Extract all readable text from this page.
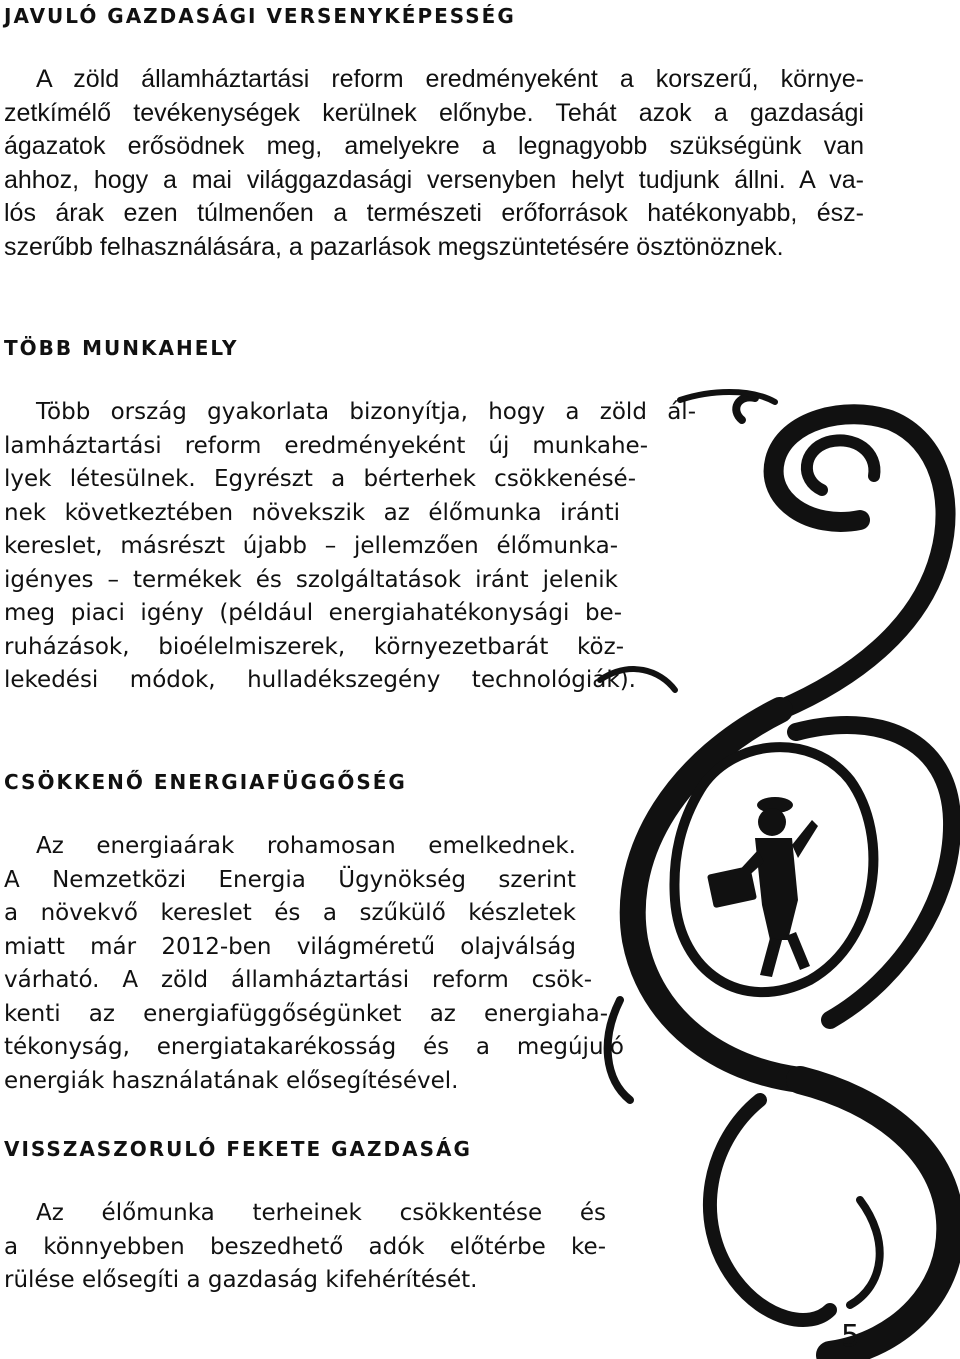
JAVULÓ GAZDASÁGI VERSENYKÉPESSÉG

A zöld államháztartási reform eredményeként a korszerű, környe-
zetkímélő tevékenységek kerülnek előnybe. Tehát azok a gazdasági
ágazatok erősödnek meg, amelyekre a legnagyobb szükségünk van
ahhoz, hogy a mai világgazdasági versenyben helyt tudjunk állni. A va-
lós árak ezen túlmenően a természeti erőforrások hatékonyabb, ész-
szerűbb felhasználására, a pazarlások megszüntetésére ösztönöznek.

TÖBB MUNKAHELY

Több ország gyakorlata bizonyítja, hogy a zöld ál-
lamháztartási reform eredményeként új munkahe-
lyek létesülnek. Egyrészt a bérterhek csökkenésé-
nek következtében növekszik az élőmunka iránti
kereslet, másrészt újabb – jellemzően élőmunka-
igényes – termékek és szolgáltatások iránt jelenik
meg piaci igény (például energiahatékonysági be-
ruházások, bioélelmiszerek, környezetbarát köz-
lekedési módok, hulladékszegény technológiák).

CSÖKKENŐ ENERGIAFÜGGŐSÉG

Az energiaárak rohamosan emelkednek.
A Nemzetközi Energia Ügynökség szerint
a növekvő kereslet és a szűkülő készletek
miatt már 2012-ben világméretű olajválság
várható. A zöld államháztartási reform csök-
kenti az energiafüggőségünket az energiaha-
tékonyság, energiatakarékosság és a megújuló
energiák használatának elősegítésével.

VISSZASZORULÓ FEKETE GAZDASÁG

Az élőmunka terheinek csökkentése és
a könnyebben beszedhető adók előtérbe ke-
rülése elősegíti a gazdaság kifehérítését.

5
